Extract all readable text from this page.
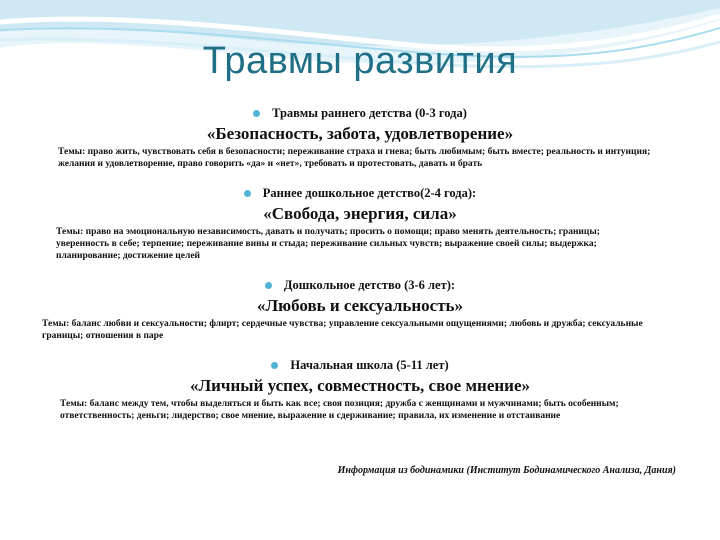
Травмы развития
Травмы раннего детства (0-3 года)
«Безопасность, забота, удовлетворение»
Темы: право жить, чувствовать себя в безопасности; переживание страха и гнева; быть любимым; быть вместе; реальность и интуиция; желания и удовлетворение, право говорить «да» и «нет», требовать и протестовать, давать и брать
Раннее дошкольное детство(2-4 года):
«Свобода, энергия, сила»
Темы: право на эмоциональную независимость, давать и получать; просить о помощи; право менять деятельность; границы; уверенность в себе; терпение; переживание вины и стыда; переживание сильных чувств; выражение своей силы; выдержка; планирование; достижение целей
Дошкольное детство (3-6 лет):
«Любовь и сексуальность»
Темы: баланс любви и сексуальности; флирт; сердечные чувства; управление сексуальными ощущениями; любовь и дружба; сексуальные границы; отношения в паре
Начальная школа (5-11 лет)
«Личный успех, совместность, свое мнение»
Темы: баланс между тем, чтобы выделяться и быть как все; своя позиция; дружба с женщинами и мужчинами; быть особенным; ответственность; деньги; лидерство; свое мнение, выражение и сдерживание; правила, их изменение и отстаивание
Информация из бодинамики (Институт Бодинамического Анализа, Дания)
